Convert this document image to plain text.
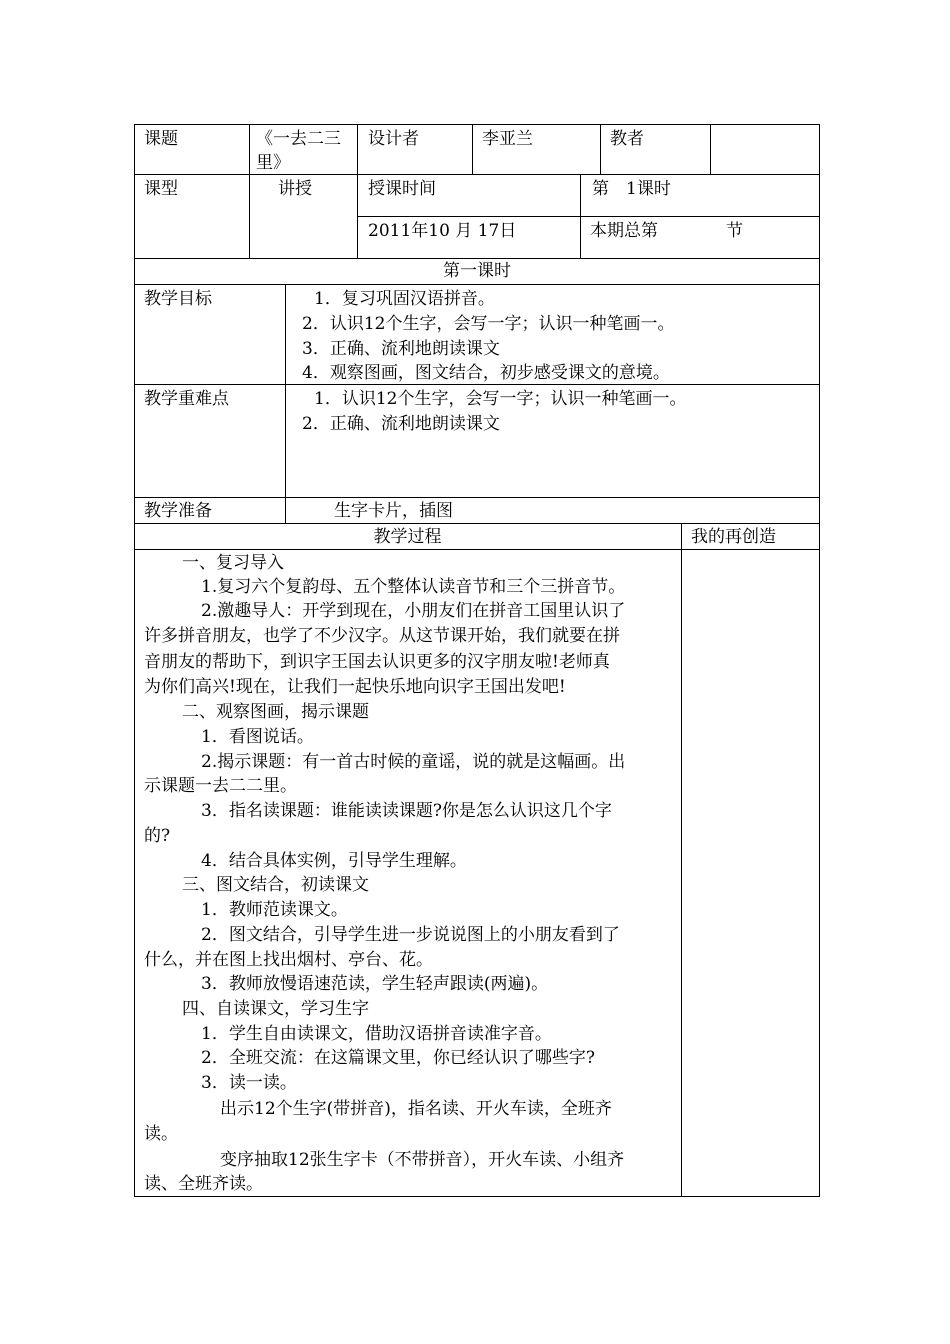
课题	《一去二三
里》
设计者	李亚兰	教者
课型	讲授	授课时间	第　1课时
2011年10 月 17日	本期总第　　　　节
第一课时
教学目标	1．复习巩固汉语拼音。
2．认识12个生字，会写一字；认识一种笔画一。
3．正确、流利地朗读课文
4．观察图画，图文结合，初步感受课文的意境。
教学重难点	1．认识12个生字，会写一字；认识一种笔画一。
2．正确、流利地朗读课文
教学准备	生字卡片，插图
教学过程	我的再创造
一、复习导入
1.复习六个复韵母、五个整体认读音节和三个三拼音节。
2.激趣导人：开学到现在，小朋友们在拼音工国里认识了
许多拼音朋友，也学了不少汉字。从这节课开始，我们就要在拼
音朋友的帮助下，到识字王国去认识更多的汉字朋友啦!老师真
为你们高兴!现在，让我们一起快乐地向识字王国出发吧!
二、观察图画，揭示课题
1．看图说话。
2.揭示课题：有一首古时候的童谣，说的就是这幅画。出
示课题一去二二里。
3．指名读课题：谁能读读课题?你是怎么认识这几个字
的?
4．结合具体实例，引导学生理解。
三、图文结合，初读课文
1．教师范读课文。
2．图文结合，引导学生进一步说说图上的小朋友看到了
什么，并在图上找出烟村、亭台、花。
3．教师放慢语速范读，学生轻声跟读(两遍)。
四、自读课文，学习生字
1．学生自由读课文，借助汉语拼音读准字音。
2．全班交流：在这篇课文里，你已经认识了哪些字?
3．读一读。
出示12个生字(带拼音)，指名读、开火车读，全班齐
读。
变序抽取12张生字卡（不带拼音），开火车读、小组齐
读、全班齐读。
